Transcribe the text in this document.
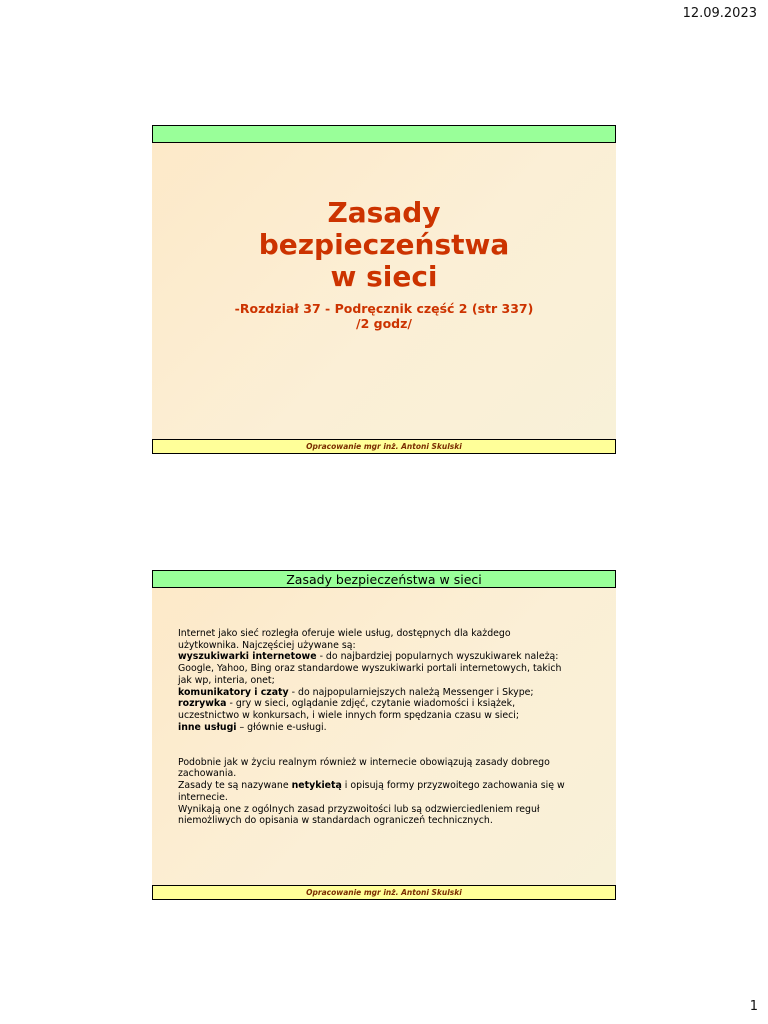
12.09.2023
Zasady
bezpieczeństwa
w sieci
-Rozdział 37 - Podręcznik część 2 (str 337)
/2 godz/
Opracowanie mgr inż. Antoni Skulski
Zasady bezpieczeństwa w sieci
Internet jako sieć rozległa oferuje wiele usług, dostępnych dla każdego
użytkownika. Najczęściej używane są:
wyszukiwarki internetowe - do najbardziej popularnych wyszukiwarek należą:
Google, Yahoo, Bing oraz standardowe wyszukiwarki portali internetowych, takich
jak wp, interia, onet;
komunikatory i czaty - do najpopularniejszych należą Messenger i Skype;
rozrywka - gry w sieci, oglądanie zdjęć, czytanie wiadomości i książek,
uczestnictwo w konkursach, i wiele innych form spędzania czasu w sieci;
inne usługi – głównie e-usługi.
Podobnie jak w życiu realnym również w internecie obowiązują zasady dobrego
zachowania.
Zasady te są nazywane netykietą i opisują formy przyzwoitego zachowania się w
internecie.
Wynikają one z ogólnych zasad przyzwoitości lub są odzwierciedleniem reguł
niemożliwych do opisania w standardach ograniczeń technicznych.
Opracowanie mgr inż. Antoni Skulski
1
